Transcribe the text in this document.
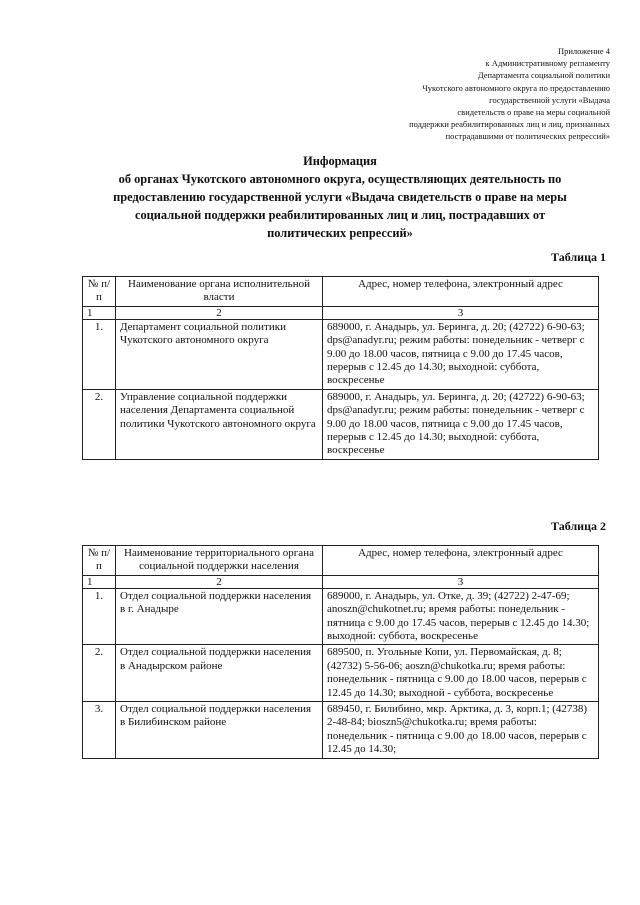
Приложение 4
к Административному регламенту
Департамента социальной политики
Чукотского автономного округа по предоставлению
государственной услуги «Выдача
свидетельств о праве на меры социальной
поддержки реабилитированных лиц и лиц, признанных
пострадавшими от политических репрессий»
Информация
об органах Чукотского автономного округа, осуществляющих деятельность по
предоставлению государственной услуги «Выдача свидетельств о праве на меры
социальной поддержки реабилитированных лиц и лиц, пострадавших от
политических репрессий»
Таблица 1
№ п/п	Наименование органа исполнительной власти	Адрес, номер телефона, электронный адрес
1	2	3
1.	Департамент социальной политики Чукотского автономного округа	689000, г. Анадырь, ул. Беринга, д. 20; (42722) 6-90-63; dps@anadyr.ru; режим работы: понедельник - четверг с 9.00 до 18.00 часов, пятница с 9.00 до 17.45 часов, перерыв с 12.45 до 14.30; выходной: суббота, воскресенье
2.	Управление социальной поддержки населения Департамента социальной политики Чукотского автономного округа	689000, г. Анадырь, ул. Беринга, д. 20; (42722) 6-90-63; dps@anadyr.ru; режим работы: понедельник - четверг с 9.00 до 18.00 часов, пятница с 9.00 до 17.45 часов, перерыв с 12.45 до 14.30; выходной: суббота, воскресенье
Таблица 2
№ п/п	Наименование территориального органа социальной поддержки населения	Адрес, номер телефона, электронный адрес
1	2	3
1.	Отдел социальной поддержки населения в г. Анадыре	689000, г. Анадырь, ул. Отке, д. 39; (42722) 2-47-69; anoszn@chukotnet.ru; время работы: понедельник - пятница с 9.00 до 17.45 часов, перерыв с 12.45 до 14.30; выходной: суббота, воскресенье
2.	Отдел социальной поддержки населения в Анадырском районе	689500, п. Угольные Копи, ул. Первомайская, д. 8; (42732) 5-56-06; aoszn@chukotka.ru; время работы: понедельник - пятница с 9.00 до 18.00 часов, перерыв с 12.45 до 14.30; выходной - суббота, воскресенье
3.	Отдел социальной поддержки населения в Билибинском районе	689450, г. Билибино, мкр. Арктика, д. 3, корп.1; (42738) 2-48-84; bioszn5@chukotka.ru; время работы: понедельник - пятница с 9.00 до 18.00 часов, перерыв с 12.45 до 14.30;
